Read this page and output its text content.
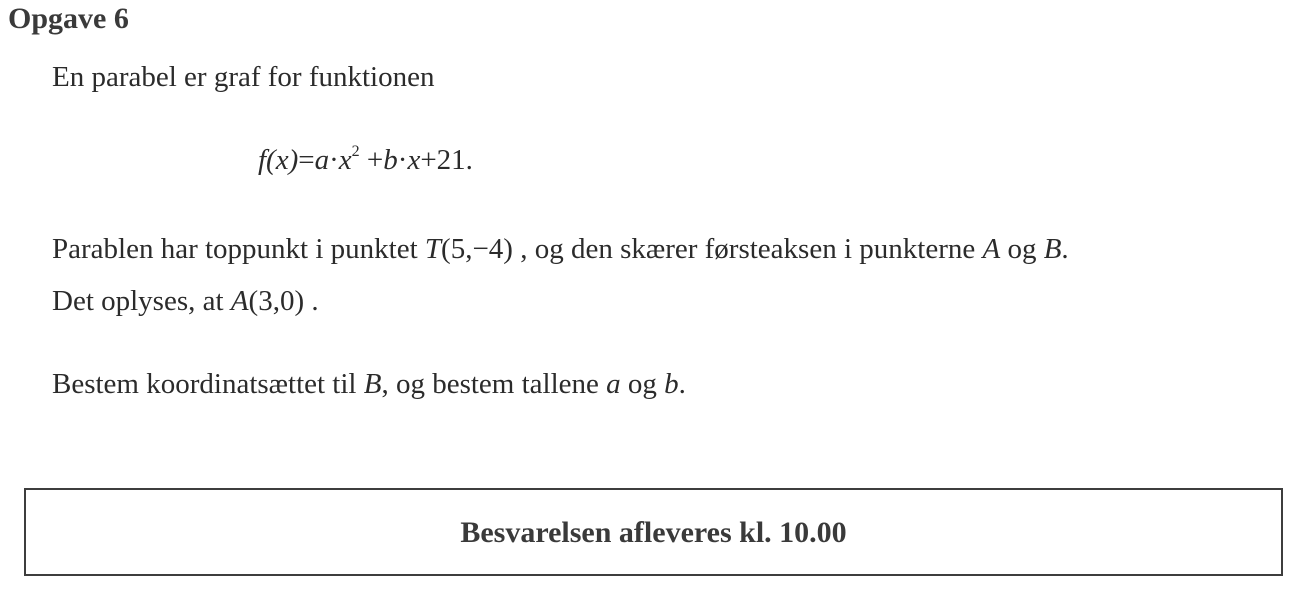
Opgave 6
En parabel er graf for funktionen
$f(x)=a\cdot x^2 +b\cdot x+21$.
Parablen har toppunkt i punktet T(5,−4) , og den skærer førsteaksen i punkterne A og B.
Det oplyses, at A(3,0) .
Bestem koordinatsættet til B, og bestem tallene a og b.
Besvarelsen afleveres kl. 10.00
